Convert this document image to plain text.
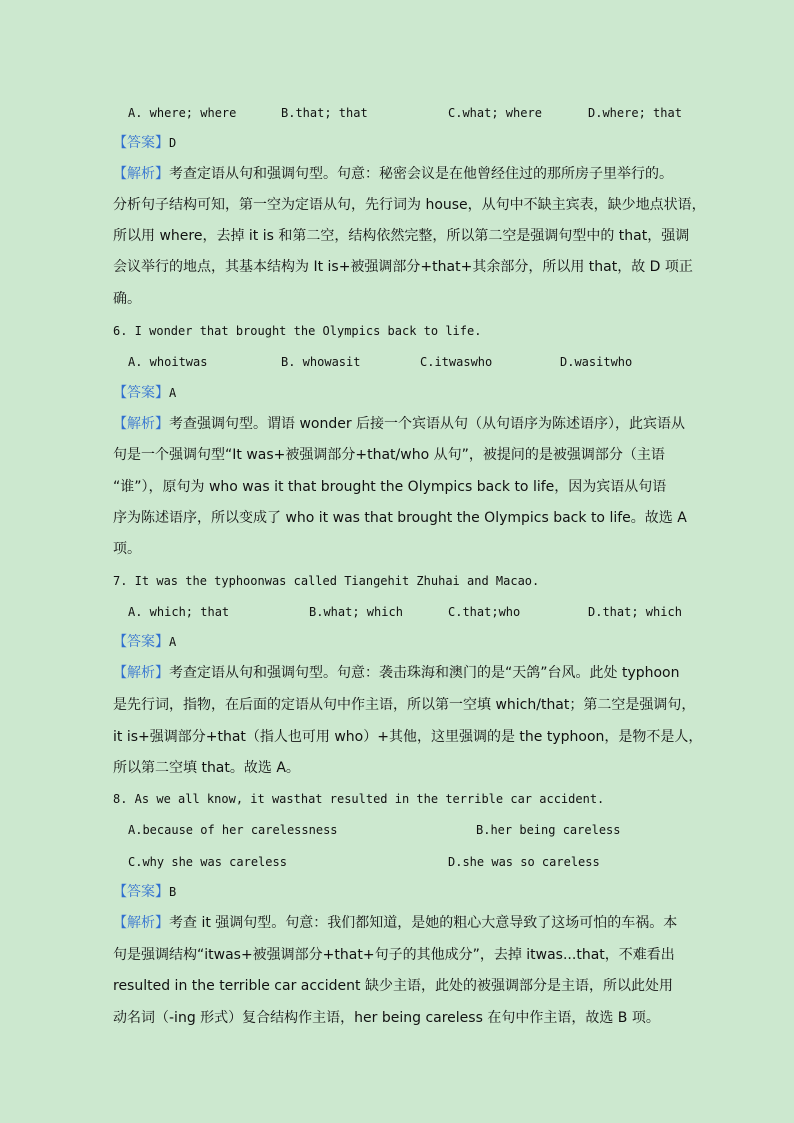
A. where; where	B.that; that	C.what; where	D.where; that
【答案】D
【解析】考查定语从句和强调句型。句意：秘密会议是在他曾经住过的那所房子里举行的。
分析句子结构可知，第一空为定语从句，先行词为 house，从句中不缺主宾表，缺少地点状语，
所以用 where，去掉 it is 和第二空，结构依然完整，所以第二空是强调句型中的 that，强调
会议举行的地点，其基本结构为 It is+被强调部分+that+其余部分，所以用 that，故 D 项正
确。
6. I wonder that brought the Olympics back to life.
A. whoitwas	B. whowasit	C.itwaswho	D.wasitwho
【答案】A
【解析】考查强调句型。谓语 wonder 后接一个宾语从句（从句语序为陈述语序），此宾语从
句是一个强调句型“It was+被强调部分+that/who 从句”，被提问的是被强调部分（主语
“谁”），原句为 who was it that brought the Olympics back to life，因为宾语从句语
序为陈述语序，所以变成了 who it was that brought the Olympics back to life。故选 A
项。
7. It was the typhoonwas called Tiangehit Zhuhai and Macao.
A. which; that	B.what; which	C.that;who	D.that; which
【答案】A
【解析】考查定语从句和强调句型。句意：袭击珠海和澳门的是“天鸽”台风。此处 typhoon
是先行词，指物，在后面的定语从句中作主语，所以第一空填 which/that；第二空是强调句，
it is+强调部分+that（指人也可用 who）+其他，这里强调的是 the typhoon，是物不是人，
所以第二空填 that。故选 A。
8. As we all know, it wasthat resulted in the terrible car accident.
A.because of her carelessness	B.her being careless
C.why she was careless	D.she was so careless
【答案】B
【解析】考查 it 强调句型。句意：我们都知道，是她的粗心大意导致了这场可怕的车祸。本
句是强调结构“itwas+被强调部分+that+句子的其他成分”，去掉 itwas...that，不难看出
resulted in the terrible car accident 缺少主语，此处的被强调部分是主语，所以此处用
动名词（-ing 形式）复合结构作主语，her being careless 在句中作主语，故选 B 项。
